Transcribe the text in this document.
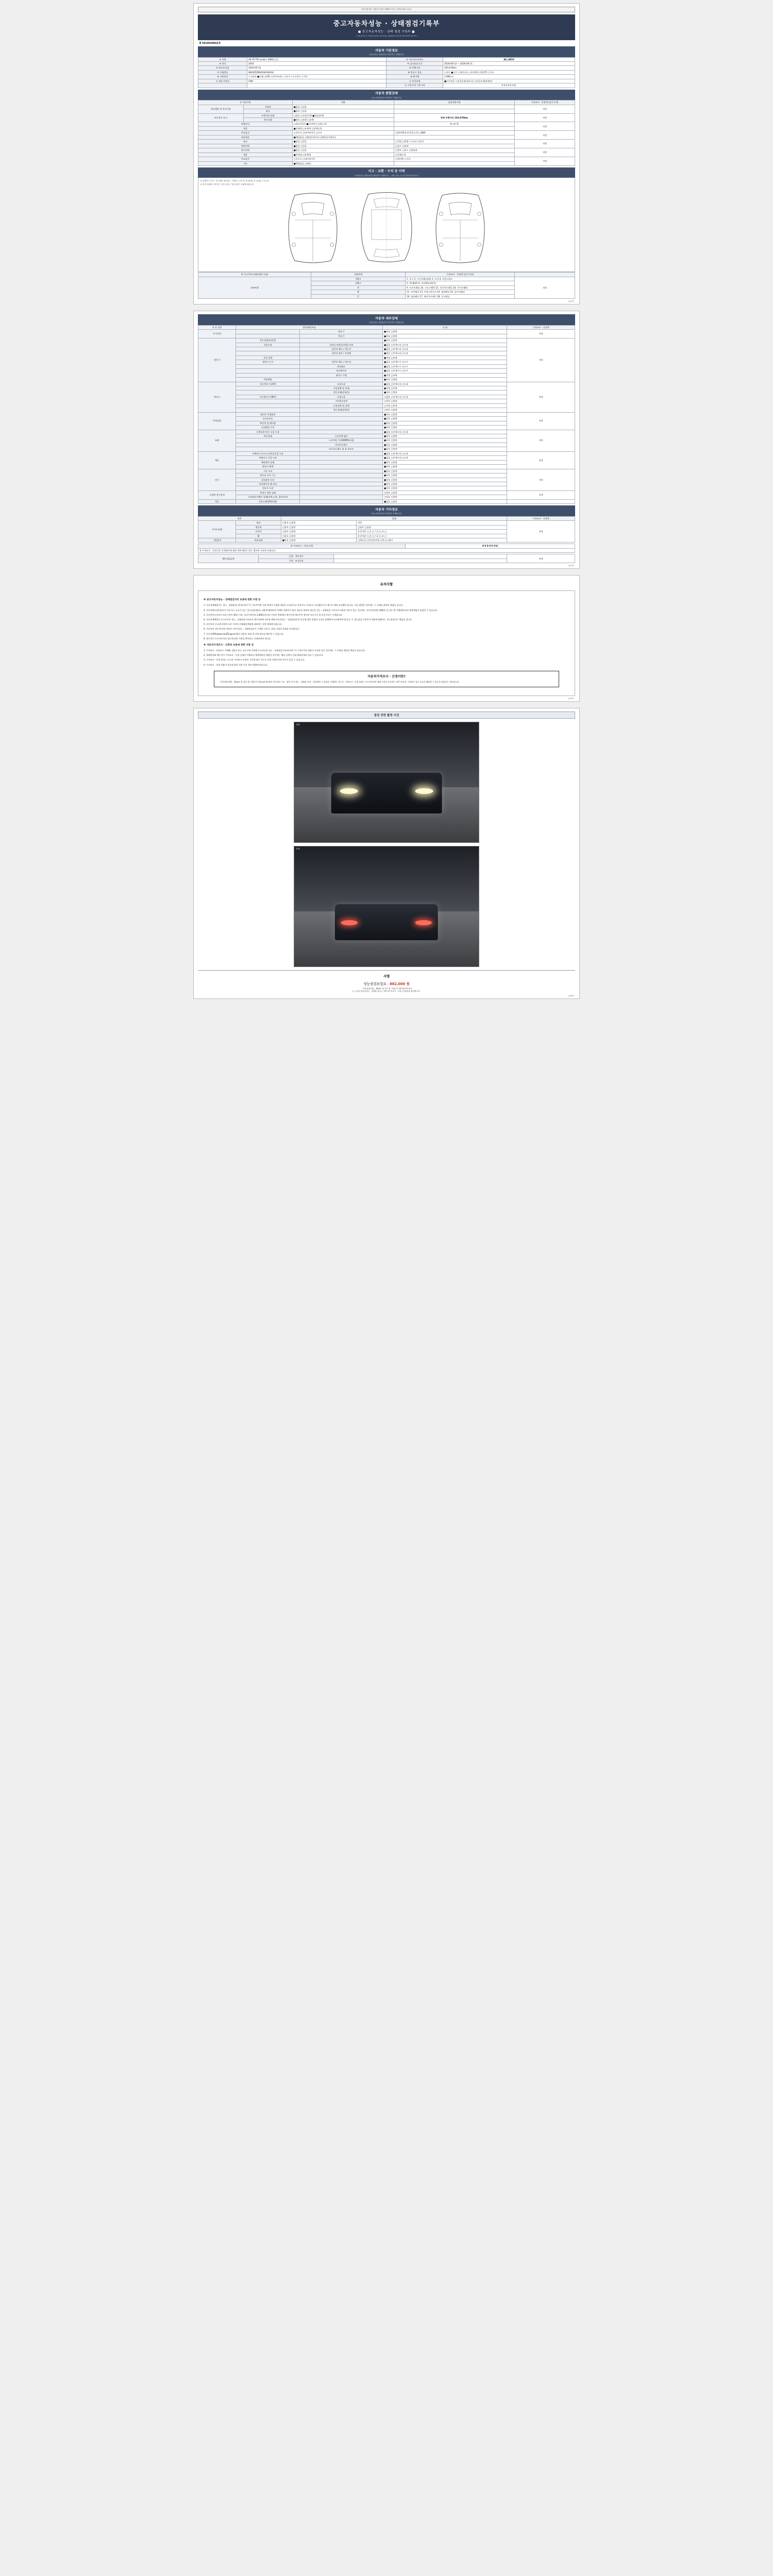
자동차관리법 시행규칙 [별지 제82호서식] <개정 2021.7.6.>
중고자동차성능 · 상태점검기록부
■ 중고자동차성능 · 상태 점검 기록부 ■
[ 자동차인도일 이전에 점검한 자동차성능·상태점검기록부를 제시하여야 합니다 ]
제 5010028962호
자동차 기본정보
(자동차성능·상태점검자가 확인하여 기재합니다)
① 차명	A6 35 TDI audio (-4WD중급)	② 자동차등록번호	46△0853
③ 연식	2016	④ 검사유효기간	2026-06-12 ~ 2026-06-11
⑤ 최초등록일	2016-05-12	⑥ 주행거리	193,079km
⑦ 차대번호	WAUZZZ8X0GN136434	⑧ 변속기 종류	○자동 ■수동 ○세미오토 ○무단변속기(CVT) ○기타
⑨ 사용연료	○가솔린 ■디젤 ○LPG ○하이브리드 ○전기 ○수소전기 ○기타	⑩ 배기량	1,968 cc
⑪ 원동기형식	CNH	⑫ 보증유형	■자가보증 ○보증유형(제조사) ○보증유형(판매자)
		⑬ 기준가격 기준가격	0 0 0 0 0 만원
자동차 종합상태
(성능·상태점검자가 확인하여 기재합니다)
① 사용이력		내용	점검내용사항	가격조사 · 산정액 (감가가격)
권리제한 및 특기사항	저당권	■없음 □있음		적정
	압류	■없음 □있음		
자동차로 표기	주행거리 상태	□많음 □보통(1.0) ■적음(2.0)	현재 주행거리 193,079km	적정
	계기상태	■양호 □불량 □교체		
차량연식		□상(신차급) ■중(보통) □하(노후)	% cm %	적정
색상		■무채색 □유채색 □전체도색		
주요옵션		□선루프 □내비게이션 □기타	□에어백(운전석/동승석) □ABS	적정
리콜대상		■해당없음 □해당(미조치) □해당(조치완료)		
튜닝		■없음 □있음	□적법 □불법 / □구조 □장치	적정
특별이력		■없음 □있음	□침수 □화재	
용도변경		■없음 □있음	□렌트 □리스 □영업용	적정
색상		■무채색 □유채색	□전체도색	
주요옵션		□선루프 □내비게이션	□에어백 □기타	적정
기타		■해당없음 □해당		
사고 · 교환 · 수리 등 이력
(자동차성능·상태점검자가 확인하여 기재합니다 — 교환 · 판금 등 수리 여부에 따라 표기)
※ 상태표시 부호 : X (교환), W (판금 · 용접), C (부식), A (흠집), U (요철), T (손상)
※ 하단 상태표시 항목은 기준으로만, 기타 항목은 실제에 따릅니다
※ 사고이력 (외판/내판 포함)	단위부위	가격조사 · 산정액 (감가가격)	
외판부위	1랭크	1. 후드 2. 프론트휀더(좌) 3. 도어 4. 트렁크리드	적정
	2랭크	5. (C)휠(R) 6. 리어휀더(좌/우)	
	A	9. 프론트패널 10. 크로스멤버 11. 인사이드패널 14. 사이드멤버	
	B	12. 리어패널 13. 트렁크플로어 14. 대쉬패널 15. 플로어패널	
	C	16. 필러패널 17. 패키지트레이 18. 루프패널	
(1/4쪽)
자동차 세부상태
(자동차성능·상태점검자가 확인하여 기재합니다)
주 요 장치	항목/해당부품		상 태	가격조사 · 산정액
자기진단		원동기	■양호 □불량	적정
		변속기	■양호 □불량	
원동기	작동상태(공회전)		■양호 □불량	적정
	오일누유	실린더 커버(로커암) 커버	■없음 □미세누유 □누유	
		실린더 헤드 / 개스킷	■없음 □미세누유 □누유	
		실린더 블록 / 오일팬	■없음 □미세누유 □누유	
	오일 유량		■적정 □부족	
	냉각수 누수	실린더 헤드 / 개스킷	■없음 □미세누수 □누수	
		워터펌프	■없음 □미세누수 □누수	
		라디에이터	■없음 □미세누수 □누수	
		냉각수 수량	■적정 □부족	
	커먼레일		■양호 □불량	
변속기	자동변속기 (A/T)	오일누유	■없음 □미세누유 □누유	적정
		오일유량 및 상태	■적정 □부족	
		작동상태(공회전)	■양호 □불량	
	수동변속기 (M/T)	오일누유	□없음 □미세누유 □누유	
		기어변속장치	□양호 □불량	
		오일유량 및 상태	□적정 □부족	
		작동상태(공회전)	□양호 □불량	
동력전달	클러치 어셈블리		■양호 □불량	적정
	등속조인트		■양호 □불량	
	추진축 및 베어링		■양호 □불량	
	디퍼렌셜 기어		■양호 □불량	
조향	동력조향 작동 오일 누유		■없음 □미세누유 □누유	적정
	작동상태	스티어링 펌프	■양호 □불량	
		스티어링 기어(MDPS포함)	■양호 □불량	
		타이로드엔드	■양호 □불량	
		타이로드앤드 및 볼 조인트	■양호 □불량	
제동	브레이크 마스터 실린더오일 누유		■없음 □미세누유 □누유	적정
	브레이크 오일 누유		■없음 □미세누유 □누유	
	배력장치 상태		■양호 □불량	
	발전기 출력		■양호 □불량	
전기	시동 모터		■양호 □불량	적정
	와이퍼 모터 기능		■양호 □불량	
	실내송풍 모터		■양호 □불량	
	라디에이터 팬 모터		■양호 □불량	
	윈도우 모터		■양호 □불량	
고전원 전기장치	충전구 절연 상태		□양호 □불량	적정
	고전원전기배선 상태(피복,고정, 접속단자)		□양호 □불량	
연료	연료누출(LPG포함)		■없음 □있음	
자동차 기타정보
(성능·상태점검자가 확인하여 기재합니다)
항목		상태		가격조사 · 산정액
사이드슬립	유관	□양호 □불량	내경	적정
	제동력	□양호 □불량	□양호 □불량	
	타이어	□양호 □불량	운전석앞 □ 운 □ / 뒤 □ 조 □	
	휠	□양호 □불량	운전석앞 □ 운 □ / 뒤 □ 조 □	
기본품목	보유상태	■양호 □불량	□매뉴얼 □안전삼각대 □잭 □스패너	
※ 가격조사 · 산정 금액	0 0 0 0 0 만원
※ 가격조사 · 산정자료 상세항목에 대한 세부내용은 별도 첨부된 자료에 의합니다.
행(미남)금액	금액 · 내부검사		적정
	가격 · 조사산정		
(2/4쪽)
유의사항
※ 중고자동차성능 · 상태점검자의 보증에 관한 사항 등

1. 자동차매매업자는 성능 · 상태점검기록부(이하 "이 기록부")에 기재 하여야 기재에 내용을 교지하거나 마치거나 거짓으로 교지했으로서 매수인 에게 교부해야 합니다. 이를 위반한 경우에는 그 손해를 배상할 책임을 집니다.

2. 자동차양도(취급)인이 거짓 또는 오류가 있는 성능점검내용을 내용에 해당하여 이해의 설명이나 정보 제공을 위하여 제공한 성능 · 상태점검 기록부의 내용과 차이가 있는 경우에는 자동차관리법 제58조 및 같은 법 시행령에 따라 배상책임이 발생할 수 있습니다.

3. 자동차인도일부터 보증기간이 30일 이상, 보증주행거리 2,000킬로미터 이상인 범위에서 매수인과 매도인이 합의한 보증기간 및 보증거리가 기재됩니다.

4. 자동차매매업자 중고자동차 성능 · 상태점검기록부를 매수인에게 교부할 때에 자동차성능 · 상태점검자의 보증에 대한 설명과 고지를 함께하여 교지하여야 합니다. 중 성능점검 기록부의 내용에 대해서는 성능점검자가 책임을 집니다.

5. 자동차의 중고에 관하여 다른 이의의 손해배상책임에 대하여는 관련 법령에 따릅니다.

6. 자동차의 성능에 관한 내용은 자동차성능 · 상태점검자가 기재한 것으로, 점검 시점의 상태를 나타냅니다.

7. 자동차365(www.car365.go.kr)에서 내용을 조회 및 상세 정보를 확인할 수 있습니다.

8. 매수인은 중고자동차의 성능에 관한 사항을 확인하고 서명하여야 합니다.

※ 자동차가격조사 · 산정의 보증에 관한 사항 등

1. 가격조사 · 산정자는 이해와 설명기 또는 보증기재 이내에 중고자동차 성능 · 상태점검기록부(이하 "이 기록부")의 내용이 사실과 다른 경우에는 그 손해를 배상할 책임이 있습니다.

2. 매매업자와 매수인이 가격조사 · 산정 금액을 이해하고 매매계약을 체결한 경우에는 해당 금액이 실제 매매금액과 다를 수 있습니다.

3. 가격조사 · 산정 결과는 중고차 가격조사 산정의 기준에 따른 것으로 실제 거래가격과 차이가 있을 수 있습니다.

4. 가격조사 · 산정 내용의 보증에 관한 사항 등은 관련 법령에 따릅니다.

자동차가격조사 · 산정이란?
「자동차관리법」제58조 및 같은 법 시행규칙 제120조에 따라 자동차의 구조 · 장치 등의 성능 · 상태를 조사 · 산정하여 그 결과를 기재하는 것으로, 가격조사 · 산정 결과는 중고자동차의 판매 가격을 보증하는 것은 아니며, 구매자가 참고 요소로 활용할 수 있도록 제공되는 정보입니다.
(3/4쪽)
점검 장면 촬영 사진
전면
후면
서명
성능점검보험료 : 882,000 원
「자동차관리법」제58조 및 같은 법 시행규칙 제120조에 따라
[ 1 ] 중고자동차성능 · 상태를 점검, [ 자동차가격조사 · 산정 ] 하였음을 확인합니다.
(4/4쪽)
